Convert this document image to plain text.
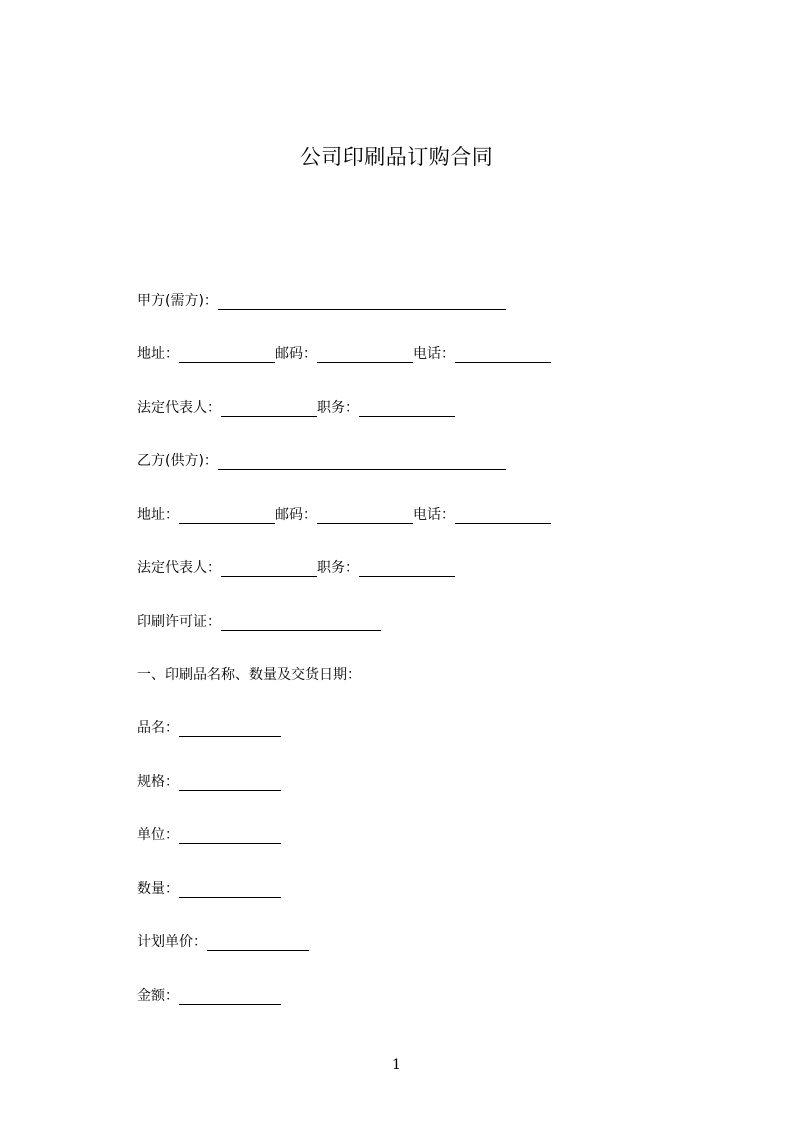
公司印刷品订购合同
甲方(需方)：
地址：	邮码：	电话：
法定代表人：	职务：
乙方(供方)：
地址：	邮码：	电话：
法定代表人：	职务：
印刷许可证：
一、印刷品名称、数量及交货日期：
品名：
规格：
单位：
数量：
计划单价：
金额：
1
